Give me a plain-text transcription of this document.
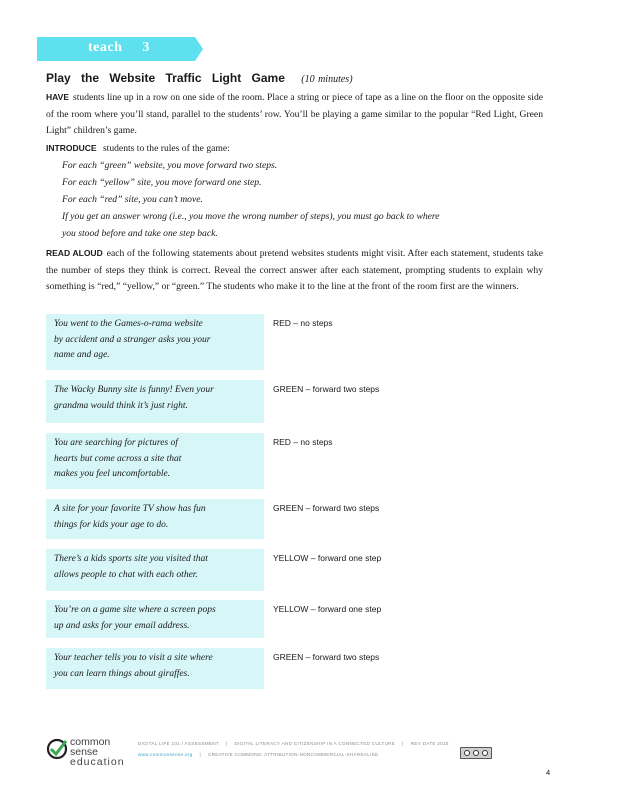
teach 3
Play the Website Traffic Light Game (10 minutes)
HAVE students line up in a row on one side of the room. Place a string or piece of tape as a line on the floor on the opposite side of the room where you’ll stand, parallel to the students’ row. You’ll be playing a game similar to the popular “Red Light, Green Light” children’s game.
INTRODUCE students to the rules of the game:
For each “green” website, you move forward two steps.
For each “yellow” site, you move forward one step.
For each “red” site, you can’t move.
If you get an answer wrong (i.e., you move the wrong number of steps), you must go back to where
you stood before and take one step back.
READ ALOUD each of the following statements about pretend websites students might visit. After each statement, students take the number of steps they think is correct. Reveal the correct answer after each statement, prompting students to explain why something is “red,” “yellow,” or “green.” The students who make it to the line at the front of the room first are the winners.
You went to the Games-o-rama website
by accident and a stranger asks you your
name and age.
RED – no steps
The Wacky Bunny site is funny! Even your
grandma would think it’s just right.
GREEN – forward two steps
You are searching for pictures of
hearts but come across a site that
makes you feel uncomfortable.
RED – no steps
A site for your favorite TV show has fun
things for kids your age to do.
GREEN – forward two steps
There’s a kids sports site you visited that
allows people to chat with each other.
YELLOW – forward one step
You’re on a game site where a screen pops
up and asks for your email address.
YELLOW – forward one step
Your teacher tells you to visit a site where
you can learn things about giraffes.
GREEN – forward two steps
common
sense
education
DIGITAL LIFE 101 / ASSESSMENT | DIGITAL LITERACY AND CITIZENSHIP IN A CONNECTED CULTURE | REV DATE 2015
www.commonsense.org | CREATIVE COMMONS: ATTRIBUTION-NONCOMMERCIAL-SHAREALIKE
4
